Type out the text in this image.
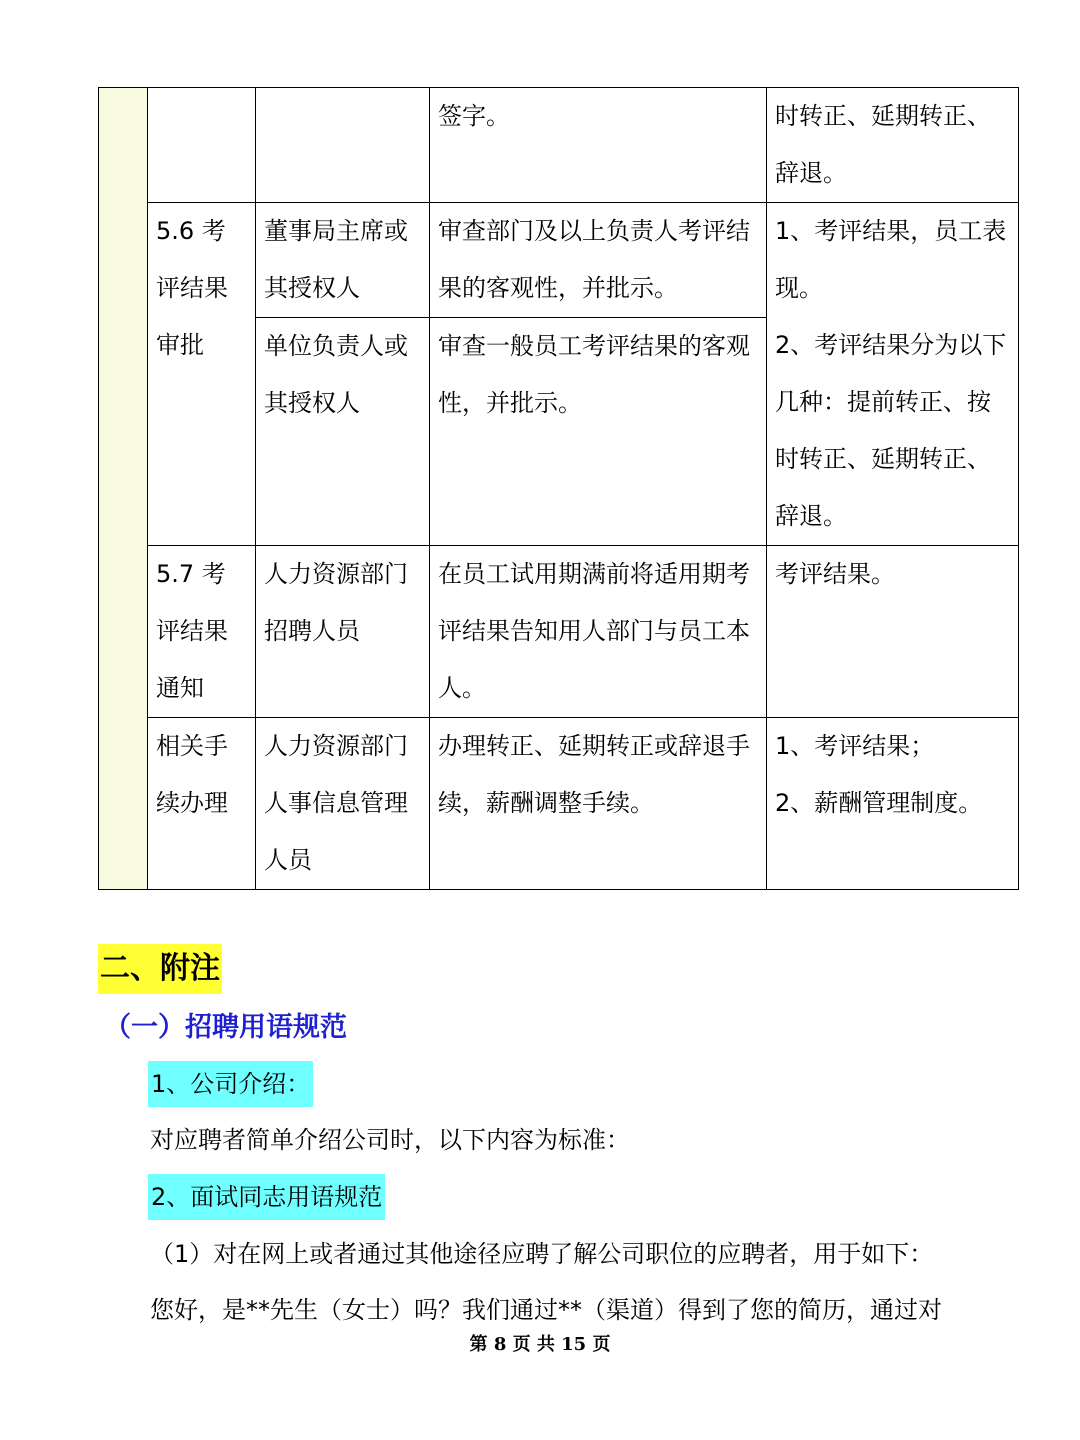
			签字。	时转正、延期转正、辞退。
	5.6 考评结果审批	董事局主席或其授权人	审查部门及以上负责人考评结果的客观性，并批示。	1、考评结果，员工表现。
2、考评结果分为以下几种：提前转正、按时转正、延期转正、辞退。

		单位负责人或其授权人	审查一般员工考评结果的客观性，并批示。	
	5.7 考评结果通知	人力资源部门招聘人员	在员工试用期满前将适用期考评结果告知用人部门与员工本人。	考评结果。
	相关手续办理	人力资源部门人事信息管理人员	办理转正、延期转正或辞退手续，薪酬调整手续。	1、考评结果；
2、薪酬管理制度。
二、附注
（一）招聘用语规范
1、公司介绍：
对应聘者简单介绍公司时，以下内容为标准：
2、面试同志用语规范
（1）对在网上或者通过其他途径应聘了解公司职位的应聘者，用于如下：
您好，是**先生（女士）吗？我们通过**（渠道）得到了您的简历，通过对
第 8 页 共 15 页
